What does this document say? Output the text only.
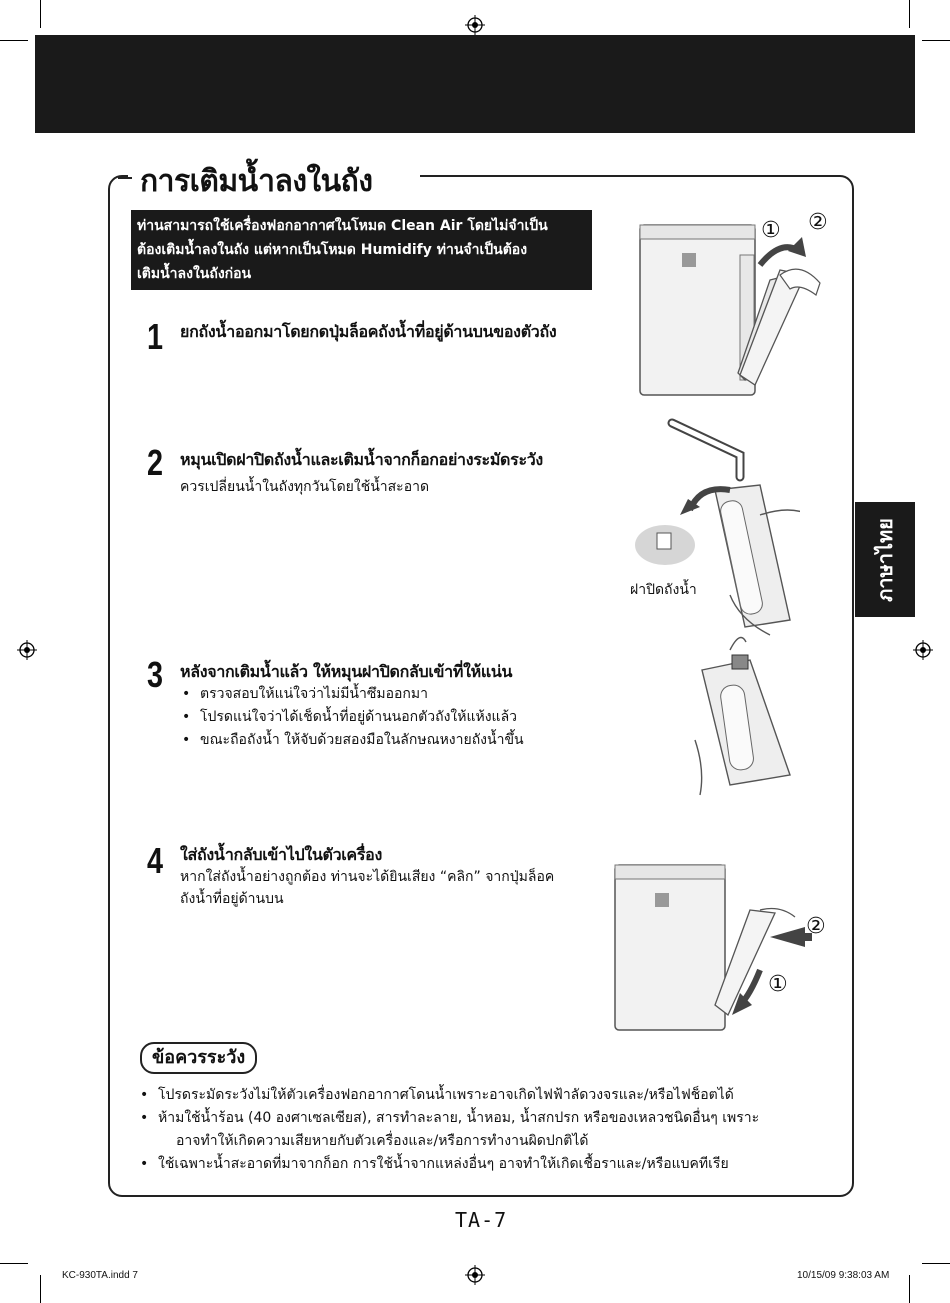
การเติมน้ำลงในถัง
ท่านสามารถใช้เครื่องฟอกอากาศในโหมด Clean Air โดยไม่จำเป็น
ต้องเติมน้ำลงในถัง แต่หากเป็นโหมด Humidify ท่านจำเป็นต้อง
เติมน้ำลงในถังก่อน
ภาษาไทย
1 ยกถังน้ำออกมาโดยกดปุ่มล็อคถังน้ำที่อยู่ด้านบนของตัวถัง
2 หมุนเปิดฝาปิดถังน้ำและเติมน้ำจากก็อกอย่างระมัดระวัง
ควรเปลี่ยนน้ำในถังทุกวันโดยใช้น้ำสะอาด
3 หลังจากเติมน้ำแล้ว ให้หมุนฝาปิดกลับเข้าที่ให้แน่น
• ตรวจสอบให้แน่ใจว่าไม่มีน้ำซึมออกมา
• โปรดแน่ใจว่าได้เช็ดน้ำที่อยู่ด้านนอกตัวถังให้แห้งแล้ว
• ขณะถือถังน้ำ ให้จับด้วยสองมือในลักษณหงายถังน้ำขึ้น
4 ใส่ถังน้ำกลับเข้าไปในตัวเครื่อง
หากใส่ถังน้ำอย่างถูกต้อง ท่านจะได้ยินเสียง “คลิก” จากปุ่มล็อค
ถังน้ำที่อยู่ด้านบน
① ②
ฝาปิดถังน้ำ
②
①
ข้อควรระวัง
• โปรดระมัดระวังไม่ให้ตัวเครื่องฟอกอากาศโดนน้ำเพราะอาจเกิดไฟฟ้าลัดวงจรและ/หรือไฟช็อตได้
• ห้ามใช้น้ำร้อน (40 องศาเซลเซียส), สารทำละลาย, น้ำหอม, น้ำสกปรก หรือของเหลวชนิดอื่นๆ เพราะ
อาจทำให้เกิดความเสียหายกับตัวเครื่องและ/หรือการทำงานผิดปกติได้
• ใช้เฉพาะน้ำสะอาดที่มาจากก็อก การใช้น้ำจากแหล่งอื่นๆ อาจทำให้เกิดเชื้อราและ/หรือแบคทีเรีย
TA-7
KC-930TA.indd 7	10/15/09 9:38:03 AM
